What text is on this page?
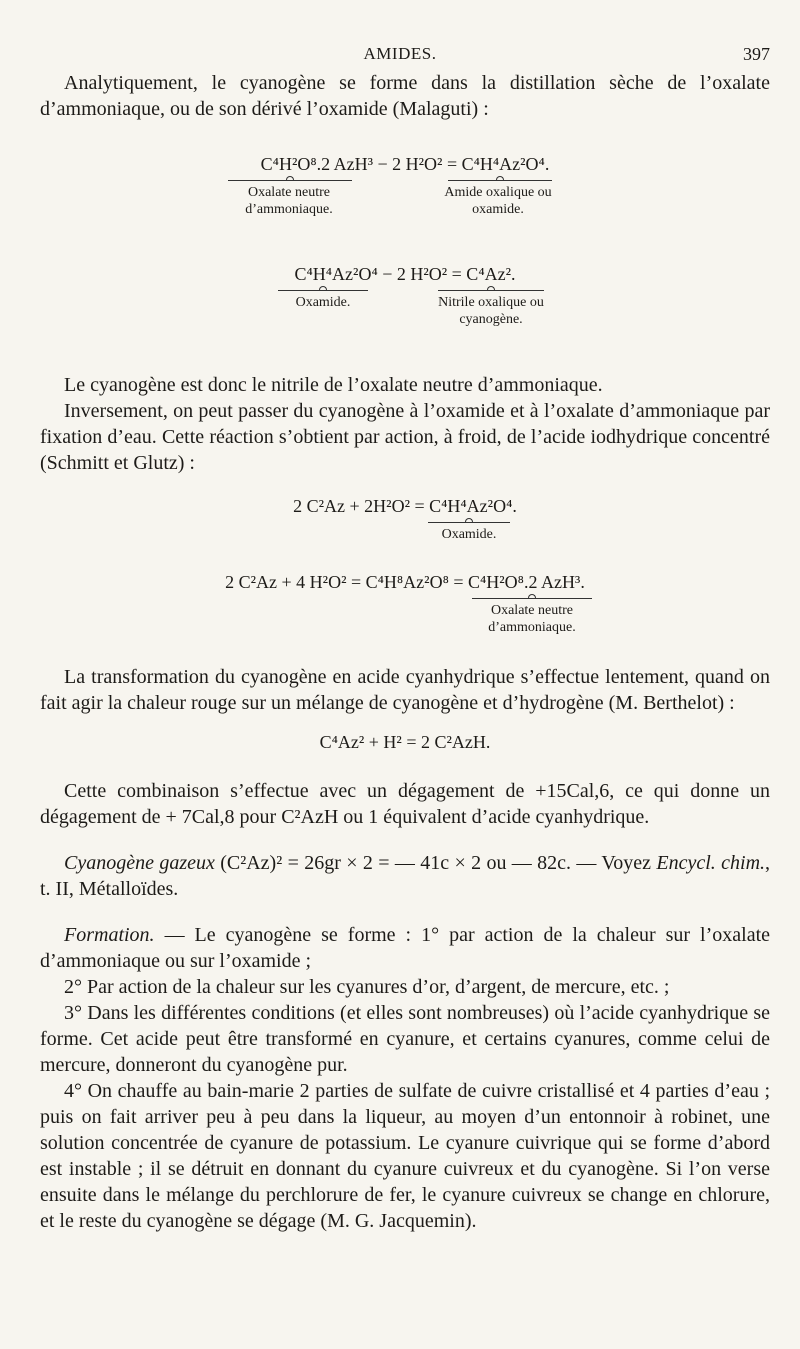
AMIDES.	397

Analytiquement, le cyanogène se forme dans la distillation sèche de l’oxalate d’ammoniaque, ou de son dérivé l’oxamide (Malaguti) :

C⁴H²O⁸.2 AzH³ − 2 H²O² = C⁴H⁴Az²O⁴.
Oxalate neutre d’ammoniaque.
Amide oxalique ou oxamide.
C⁴H⁴Az²O⁴ − 2 H²O² = C⁴Az².
Oxamide.	Nitrile oxalique ou cyanogène.

Le cyanogène est donc le nitrile de l’oxalate neutre d’ammoniaque.

Inversement, on peut passer du cyanogène à l’oxamide et à l’oxalate d’ammoniaque par fixation d’eau. Cette réaction s’obtient par action, à froid, de l’acide iodhydrique concentré (Schmitt et Glutz) :

2 C²Az + 2H²O² = C⁴H⁴Az²O⁴.
Oxamide.
2 C²Az + 4 H²O² = C⁴H⁸Az²O⁸ = C⁴H²O⁸.2 AzH³.
Oxalate neutre d’ammoniaque.

La transformation du cyanogène en acide cyanhydrique s’effectue lentement, quand on fait agir la chaleur rouge sur un mélange de cyanogène et d’hydrogène (M. Berthelot) :

C⁴Az² + H² = 2 C²AzH.

Cette combinaison s’effectue avec un dégagement de +15Cal,6, ce qui donne un dégagement de + 7Cal,8 pour C²AzH ou 1 équivalent d’acide cyanhydrique.

Cyanogène gazeux (C²Az)² = 26gr × 2 = — 41c × 2 ou — 82c. — Voyez Encycl. chim., t. II, Métalloïdes.

Formation. — Le cyanogène se forme : 1° par action de la chaleur sur l’oxalate d’ammoniaque ou sur l’oxamide ;

2° Par action de la chaleur sur les cyanures d’or, d’argent, de mercure, etc. ;

3° Dans les différentes conditions (et elles sont nombreuses) où l’acide cyanhydrique se forme. Cet acide peut être transformé en cyanure, et certains cyanures, comme celui de mercure, donneront du cyanogène pur.

4° On chauffe au bain-marie 2 parties de sulfate de cuivre cristallisé et 4 parties d’eau ; puis on fait arriver peu à peu dans la liqueur, au moyen d’un entonnoir à robinet, une solution concentrée de cyanure de potassium. Le cyanure cuivrique qui se forme d’abord est instable ; il se détruit en donnant du cyanure cuivreux et du cyanogène. Si l’on verse ensuite dans le mélange du perchlorure de fer, le cyanure cuivreux se change en chlorure, et le reste du cyanogène se dégage (M. G. Jacquemin).
